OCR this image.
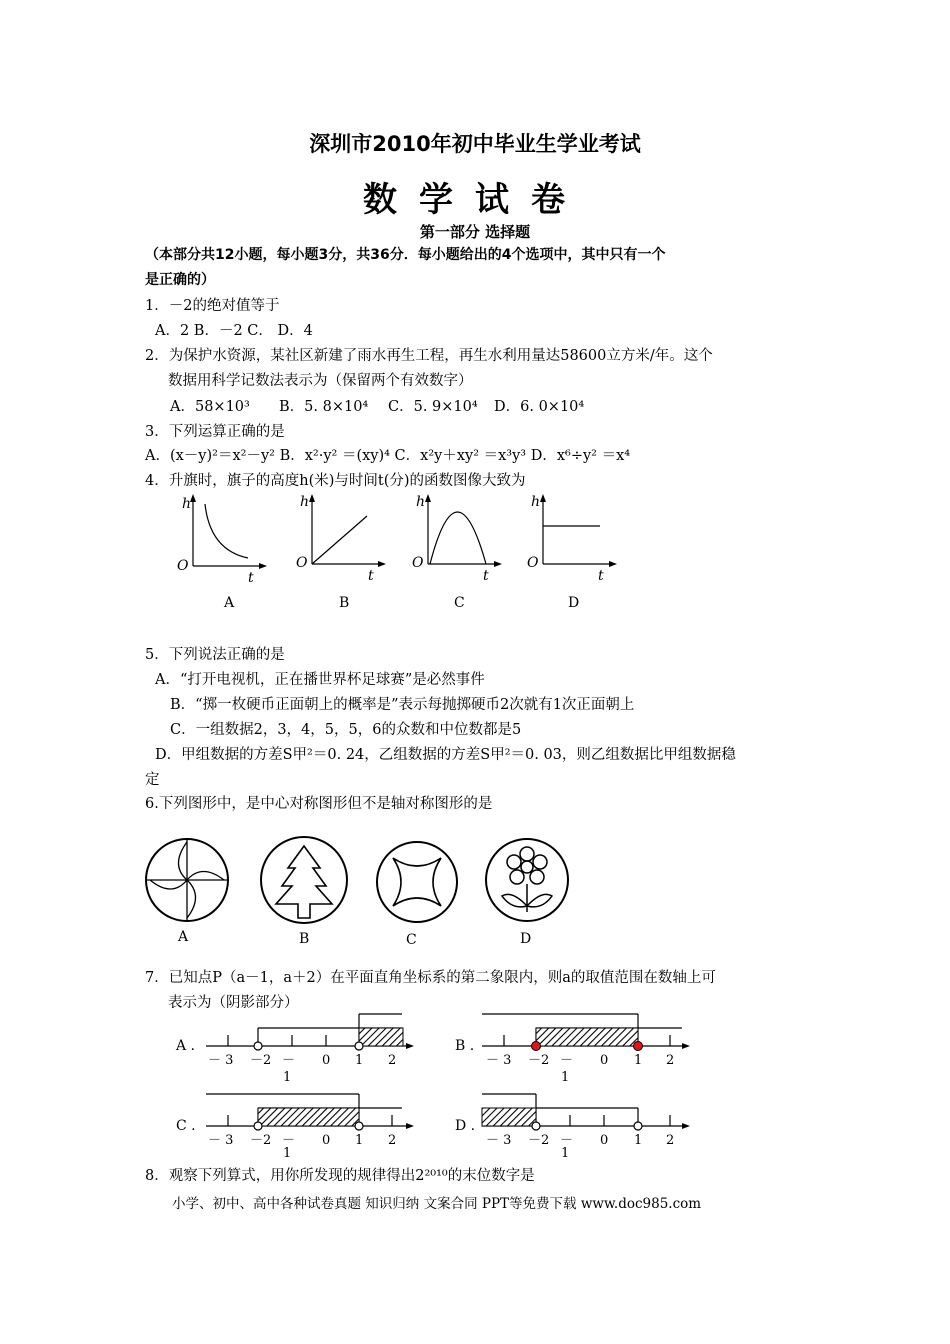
深圳市2010年初中毕业生学业考试
数学试卷
第一部分 选择题
（本部分共12小题，每小题3分，共36分．每小题给出的4个选项中，其中只有一个
是正确的）
1．－2的绝对值等于
A．2 B．－2 C． D．4
2．为保护水资源，某社区新建了雨水再生工程，再生水利用量达58600立方米/年。这个
数据用科学记数法表示为（保留两个有效数字）
A．58×10³ B．5. 8×10⁴ C．5. 9×10⁴ D．6. 0×10⁴
3．下列运算正确的是
A．(x－y)²＝x²－y² B．x²·y² ＝(xy)⁴ C．x²y＋xy² ＝x³y³ D．x⁶÷y² ＝x⁴
4．升旗时，旗子的高度h(米)与时间t(分)的函数图像大致为
h
t
O
A
h
t
O
B
h
t
O
C
h
t
O
D
5．下列说法正确的是
A．“打开电视机，正在播世界杯足球赛”是必然事件
B．“掷一枚硬币正面朝上的概率是”表示每抛掷硬币2次就有1次正面朝上
C．一组数据2，3，4，5，5，6的众数和中位数都是5
D．甲组数据的方差S甲²＝0. 24，乙组数据的方差S甲²＝0. 03，则乙组数据比甲组数据稳
定
6.下列图形中，是中心对称图形但不是轴对称图形的是
A	B	C	D
7．已知点P（a－1，a＋2）在平面直角坐标系的第二象限内，则a的取值范围在数轴上可
表示为（阴影部分）
A .
－ 3 －2 －
1
0 1 2
B .
－ 3 －2 －
1
0 1 2
C .
－ 3 －2 － 0 1 2
D .
－ 3 －2 － 0 1 2
1	1
8．观察下列算式，用你所发现的规律得出2²⁰¹⁰的末位数字是
小学、初中、高中各种试卷真题 知识归纳 文案合同 PPT等免费下载 www.doc985.com
